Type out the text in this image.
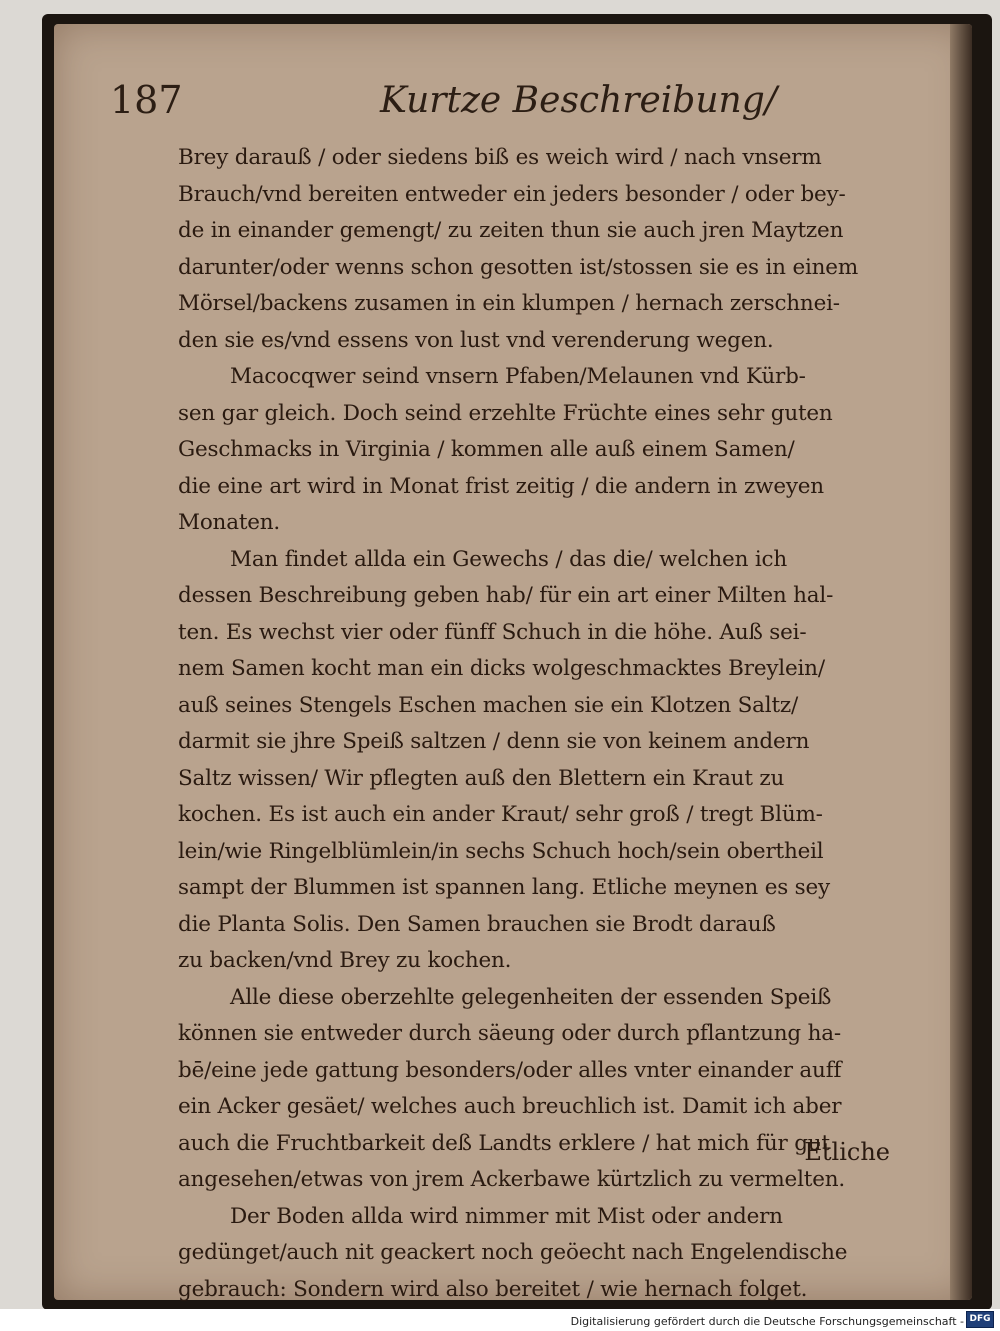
187	Kurtze Beschreibung/
Brey darauß / oder siedens biß es weich wird / nach vnserm
Brauch/vnd bereiten entweder ein jeders besonder / oder bey-
de in einander gemengt/ zu zeiten thun sie auch jren Maytzen
darunter/oder wenns schon gesotten ist/stossen sie es in einem
Mörsel/backens zusamen in ein klumpen / hernach zerschnei-
den sie es/vnd essens von lust vnd verenderung wegen.
Macocqwer seind vnsern Pfaben/Melaunen vnd Kürb-
sen gar gleich. Doch seind erzehlte Früchte eines sehr guten
Geschmacks in Virginia / kommen alle auß einem Samen/
die eine art wird in Monat frist zeitig / die andern in zweyen
Monaten.
Man findet allda ein Gewechs / das die/ welchen ich
dessen Beschreibung geben hab/ für ein art einer Milten hal-
ten. Es wechst vier oder fünff Schuch in die höhe. Auß sei-
nem Samen kocht man ein dicks wolgeschmacktes Breylein/
auß seines Stengels Eschen machen sie ein Klotzen Saltz/
darmit sie jhre Speiß saltzen / denn sie von keinem andern
Saltz wissen/ Wir pflegten auß den Blettern ein Kraut zu
kochen. Es ist auch ein ander Kraut/ sehr groß / tregt Blüm-
lein/wie Ringelblümlein/in sechs Schuch hoch/sein obertheil
sampt der Blummen ist spannen lang. Etliche meynen es sey
die Planta Solis. Den Samen brauchen sie Brodt darauß
zu backen/vnd Brey zu kochen.
Alle diese oberzehlte gelegenheiten der essenden Speiß
können sie entweder durch säeung oder durch pflantzung ha-
bē/eine jede gattung besonders/oder alles vnter einander auff
ein Acker gesäet/ welches auch breuchlich ist. Damit ich aber
auch die Fruchtbarkeit deß Landts erklere / hat mich für gut
angesehen/etwas von jrem Ackerbawe kürtzlich zu vermelten.
Der Boden allda wird nimmer mit Mist oder andern
gedünget/auch nit geackert noch geöecht nach Engelendische
gebrauch: Sondern wird also bereitet / wie hernach folget.
Etliche
Digitalisierung gefördert durch die Deutsche Forschungsgemeinschaft - DFG
